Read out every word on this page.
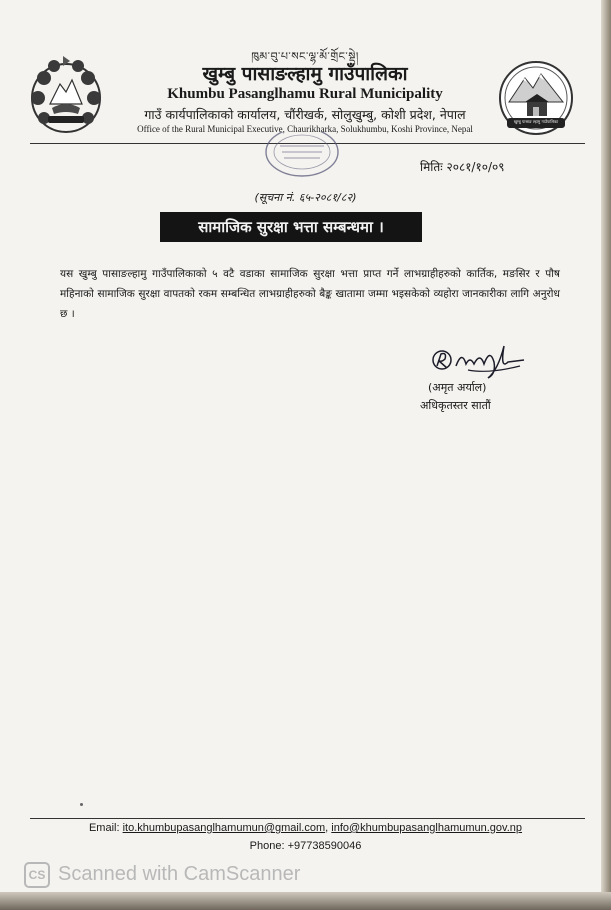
खुम्बु पासाङ ल्हामु गाउँपालिका
ཁུམ་བུ་པ་སང་ལྷ་མོ་གྲོང་སྡེ།
खुम्बु पासाङल्हामु गाउँपालिका
Khumbu Pasanglhamu Rural Municipality
गाउँ कार्यपालिकाको कार्यालय, चौंरीखर्क, सोलुखुम्बु, कोशी प्रदेश, नेपाल
Office of the Rural Municipal Executive, Chaurikharka, Solukhumbu, Koshi Province, Nepal
मितिः २०८१/१०/०९
(सूचना नं. ६५-२०८१/८२)
सामाजिक सुरक्षा भत्ता सम्बन्धमा ।
यस खुम्बु पासाङल्हामु गाउँपालिकाको ५ वटै वडाका सामाजिक सुरक्षा भत्ता प्राप्त गर्ने लाभग्राहीहरुको कार्तिक, मङसिर र पौष महिनाको सामाजिक सुरक्षा वापतको रकम सम्बन्धित लाभग्राहीहरुको बैङ्क खातामा जम्मा भइसकेको व्यहोरा जानकारीका लागि अनुरोध छ ।
(अमृत अर्याल)
अधिकृतस्तर सातौं
Email: ito.khumbupasanglhamumun@gmail.com, info@khumbupasanglhamumun.gov.np
Phone: +97738590046
CS Scanned with CamScanner
